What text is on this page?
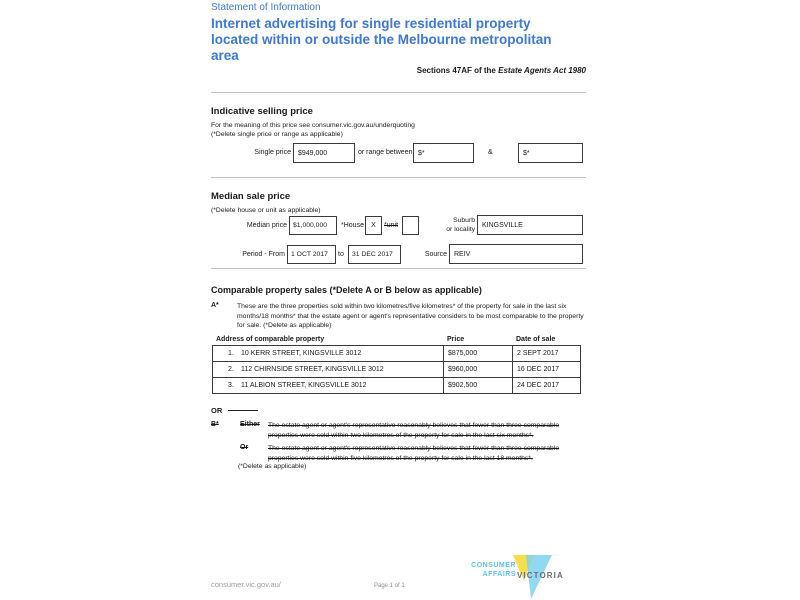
Statement of Information
Internet advertising for single residential property located within or outside the Melbourne metropolitan area
Sections 47AF of the Estate Agents Act 1980
Indicative selling price
For the meaning of this price see consumer.vic.gov.au/underquoting
(*Delete single price or range as applicable)
Single price	$949,000	or range between $*	&	$*
Median sale price
(*Delete house or unit as applicable)
Median price $1,000,000	*House	X	*unit
Suburb
or locality
KINGSVILLE
Period - From 1 OCT 2017	to	31 DEC 2017	Source	REIV
Comparable property sales (*Delete A or B below as applicable)
A*	These are the three properties sold within two kilometres/five kilometres* of the property for sale in the last six months/18 months* that the estate agent or agent's representative considers to be most comparable to the property for sale. (*Delete as applicable)
Address of comparable property	Price	Date of sale
1. 10 KERR STREET, KINGSVILLE 3012	$875,000	2 SEPT 2017
2. 112 CHIRNSIDE STREET, KINGSVILLE 3012	$960,000	16 DEC 2017
3. 11 ALBION STREET, KINGSVILLE 3012	$902,500	24 DEC 2017
OR
B*	Either The estate agent or agent's representative reasonably believes that fewer than three comparable properties were sold within two kilometres of the property for sale in the last six months*.
Or	The estate agent or agent's representative reasonably believes that fewer than three comparable properties were sold within five kilometres of the property for sale in the last 18 months*.
(*Delete as applicable)
consumer.vic.gov.au/	Page 1 of 1
CONSUMER
AFFAIRS VICTORIA
